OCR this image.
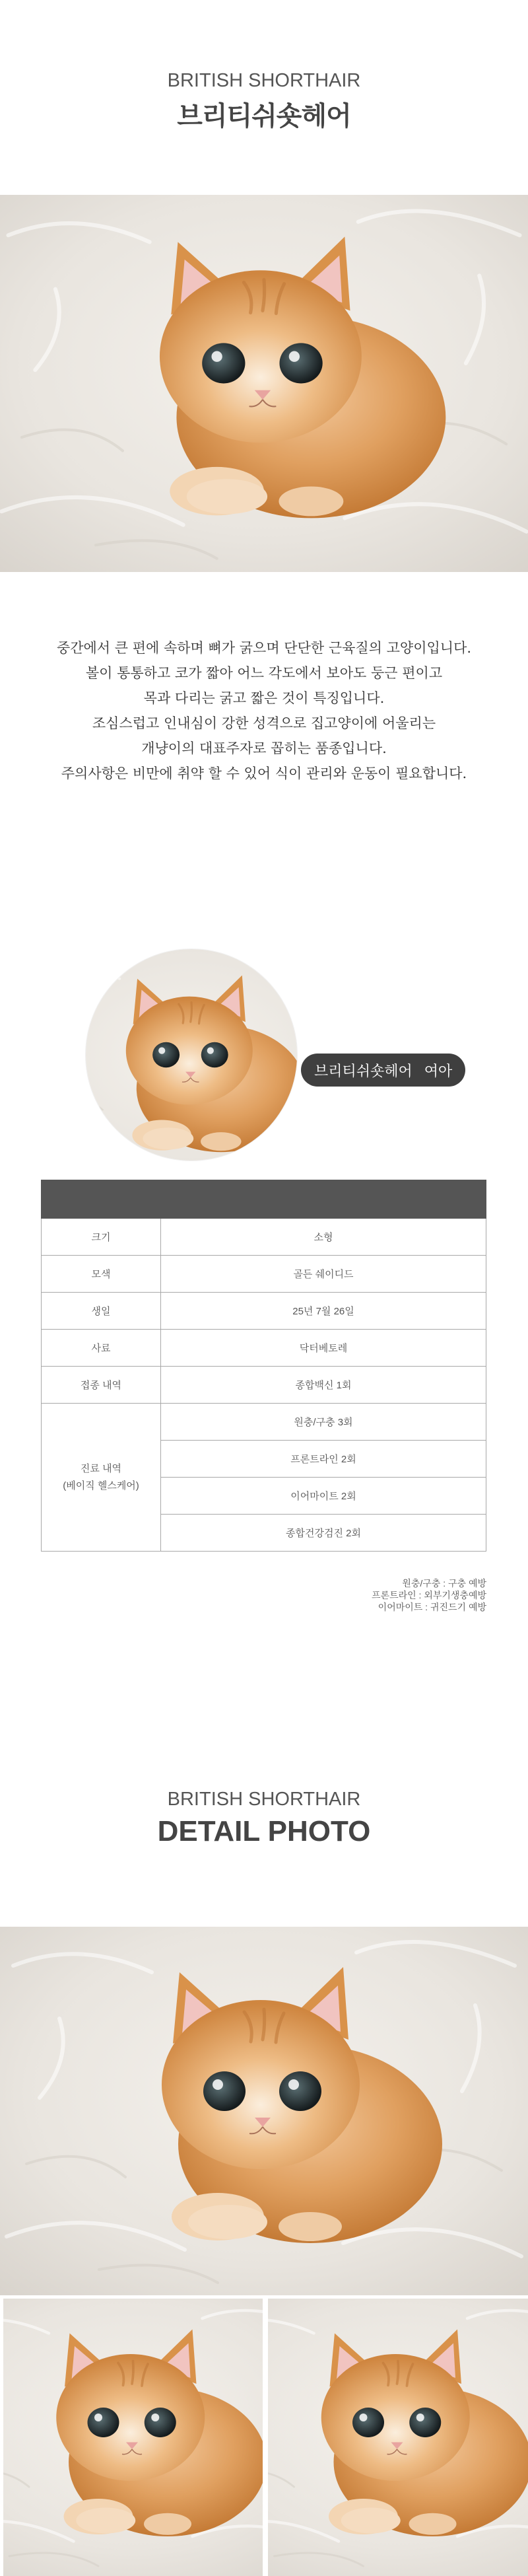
BRITISH SHORTHAIR
브리티쉬숏헤어
중간에서 큰 편에 속하며 뼈가 굵으며 단단한 근육질의 고양이입니다.
볼이 통통하고 코가 짧아 어느 각도에서 보아도 둥근 편이고
목과 다리는 굵고 짧은 것이 특징입니다.
조심스럽고 인내심이 강한 성격으로 집고양이에 어울리는
개냥이의 대표주자로 꼽히는 품종입니다.
주의사항은 비만에 취약 할 수 있어 식이 관리와 운동이 필요합니다.
브리티쉬숏헤어 여아

크기	소형
모색	골든 쉐이디드
생일	25년 7월 26일
사료	닥터베토레
접종 내역	종합백신 1회
진료 내역
(베이직 헬스케어)	원충/구충 3회
	프론트라인 2회
	이어마이트 2회
	종합건강검진 2회
원충/구충 : 구충 예방
프론트라인 : 외부기생충예방
이어마이트 : 귀진드기 예방
BRITISH SHORTHAIR
DETAIL PHOTO
